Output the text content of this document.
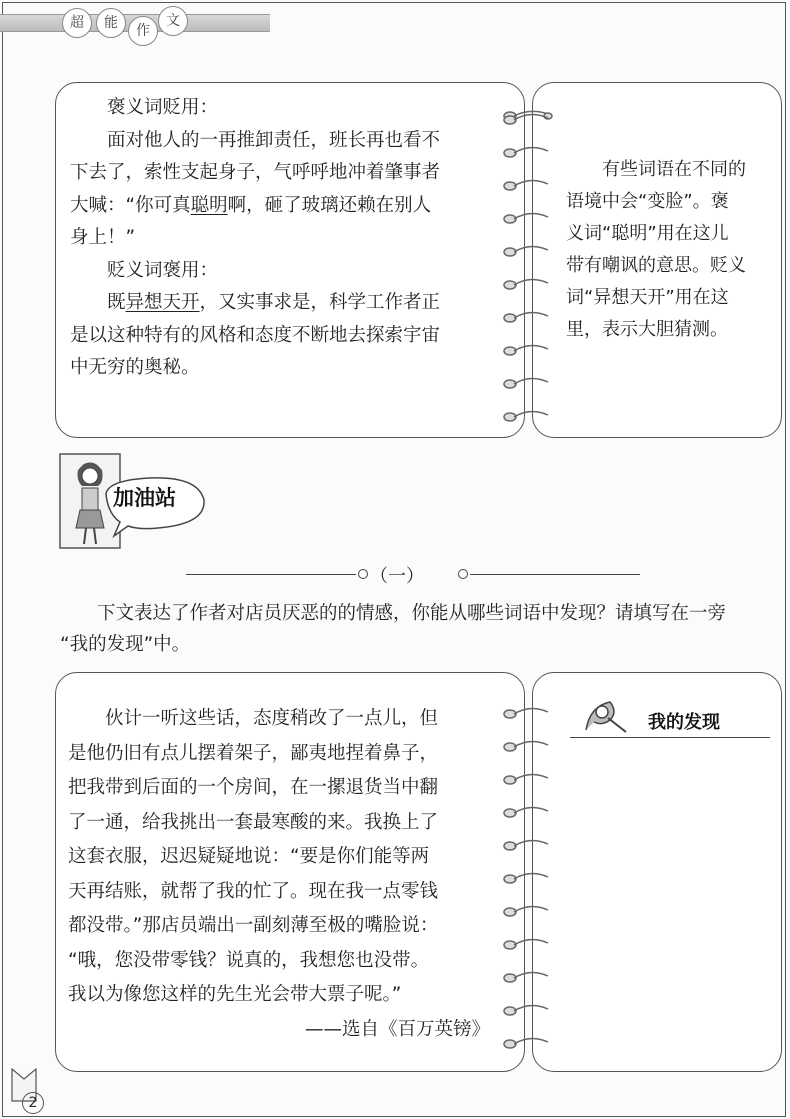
超	能	作
文

褒义词贬用：

面对他人的一再推卸责任，班长再也看不

下去了，索性支起身子，气呼呼地冲着肇事者

大喊：“你可真聪明啊，砸了玻璃还赖在别人

身上！”

贬义词褒用：

既异想天开，又实事求是，科学工作者正

是以这种特有的风格和态度不断地去探索宇宙

中无穷的奥秘。

有些词语在不同的
语境中会“变脸”。褒
义词“聪明”用在这儿
带有嘲讽的意思。贬义
词“异想天开”用在这
里，表示大胆猜测。
加油站
（一）

下文表达了作者对店员厌恶的的情感，你能从哪些词语中发现？请填写在一旁

“我的发现”中。

伙计一听这些话，态度稍改了一点儿，但

是他仍旧有点儿摆着架子，鄙夷地捏着鼻子，

把我带到后面的一个房间，在一摞退货当中翻

了一通，给我挑出一套最寒酸的来。我换上了

这套衣服，迟迟疑疑地说：“要是你们能等两

天再结账，就帮了我的忙了。现在我一点零钱

都没带。”那店员端出一副刻薄至极的嘴脸说：

“哦，您没带零钱？说真的，我想您也没带。

我以为像您这样的先生光会带大票子呢。”

——选自《百万英镑》

我的发现
2
